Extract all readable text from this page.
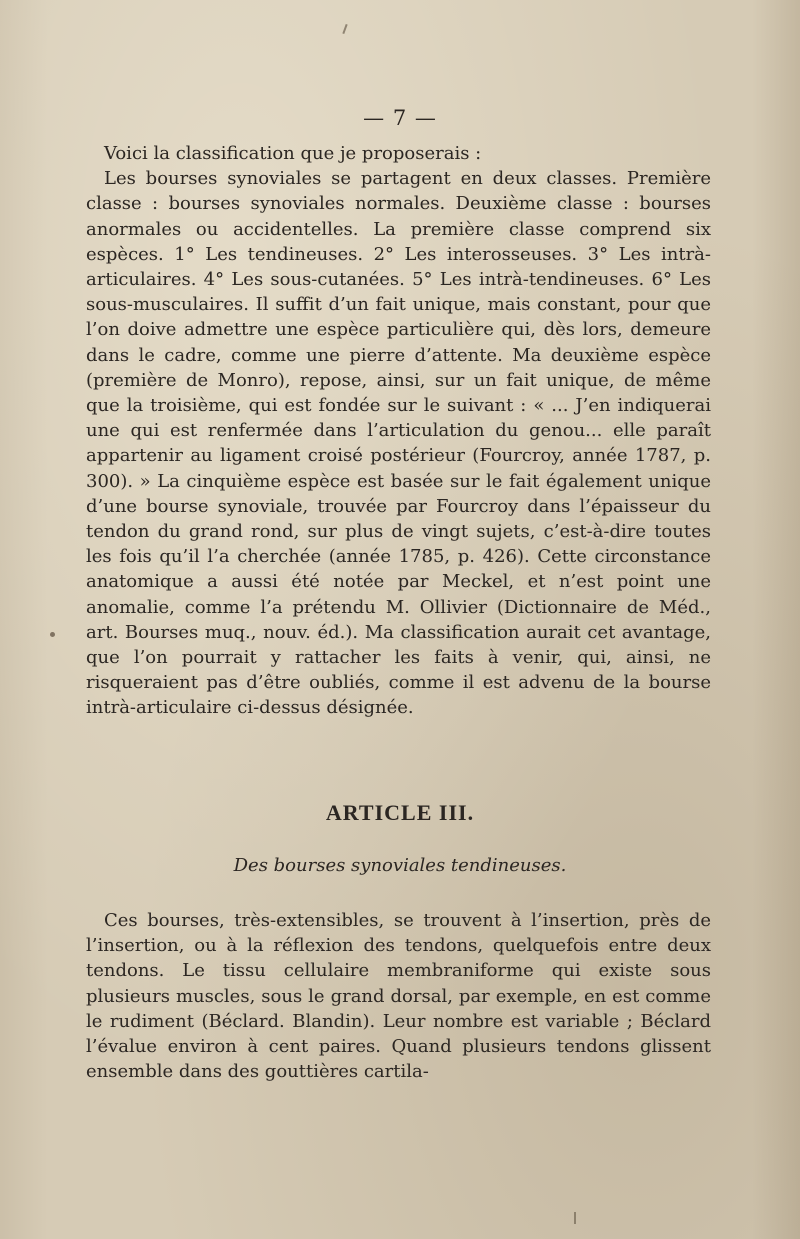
— 7 —

Voici la classification que je proposerais :

Les bourses synoviales se partagent en deux classes. Première classe : bourses synoviales normales. Deuxième classe : bourses anormales ou accidentelles. La première classe comprend six espèces. 1° Les tendineuses. 2° Les interosseuses. 3° Les intrà-articulaires. 4° Les sous-cutanées. 5° Les intrà-tendineuses. 6° Les sous-musculaires. Il suffit d’un fait unique, mais constant, pour que l’on doive admettre une espèce particulière qui, dès lors, demeure dans le cadre, comme une pierre d’attente. Ma deuxième espèce (première de Monro), repose, ainsi, sur un fait unique, de même que la troisième, qui est fondée sur le suivant : « ... J’en indiquerai une qui est renfermée dans l’articulation du genou... elle paraît appartenir au ligament croisé postérieur (Fourcroy, année 1787, p. 300). » La cinquième espèce est basée sur le fait également unique d’une bourse synoviale, trouvée par Fourcroy dans l’épaisseur du tendon du grand rond, sur plus de vingt sujets, c’est-à-dire toutes les fois qu’il l’a cherchée (année 1785, p. 426). Cette circonstance anatomique a aussi été notée par Meckel, et n’est point une anomalie, comme l’a prétendu M. Ollivier (Dictionnaire de Méd., art. Bourses muq., nouv. éd.). Ma classification aurait cet avantage, que l’on pourrait y rattacher les faits à venir, qui, ainsi, ne risqueraient pas d’être oubliés, comme il est advenu de la bourse intrà-articulaire ci-dessus désignée.

ARTICLE III.
Des bourses synoviales tendineuses.

Ces bourses, très-extensibles, se trouvent à l’insertion, près de l’insertion, ou à la réflexion des tendons, quelquefois entre deux tendons. Le tissu cellulaire membraniforme qui existe sous plusieurs muscles, sous le grand dorsal, par exemple, en est comme le rudiment (Béclard. Blandin). Leur nombre est variable ; Béclard l’évalue environ à cent paires. Quand plusieurs tendons glissent ensemble dans des gouttières cartila-
